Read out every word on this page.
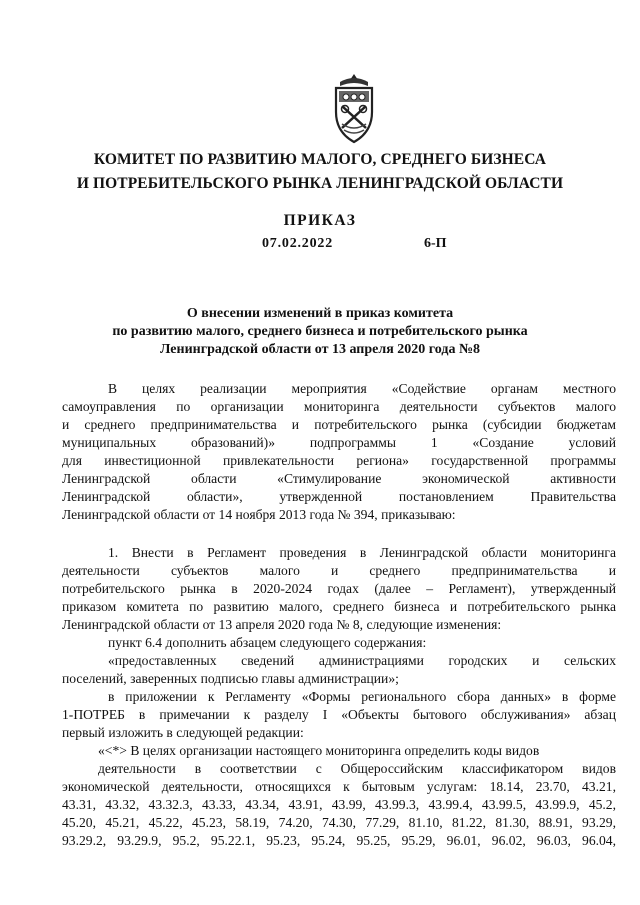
КОМИТЕТ ПО РАЗВИТИЮ МАЛОГО, СРЕДНЕГО БИЗНЕСА
И ПОТРЕБИТЕЛЬСКОГО РЫНКА ЛЕНИНГРАДСКОЙ ОБЛАСТИ
ПРИКАЗ
07.02.2022	6-П
О внесении изменений в приказ комитета
по развитию малого, среднего бизнеса и потребительского рынка
Ленинградской области от 13 апреля 2020 года №8
В целях реализации мероприятия «Содействие органам местного
самоуправления по организации мониторинга деятельности субъектов малого
и среднего предпринимательства и потребительского рынка (субсидии бюджетам
муниципальных образований)» подпрограммы 1 «Создание условий
для инвестиционной привлекательности региона» государственной программы
Ленинградской области «Стимулирование экономической активности
Ленинградской области», утвержденной постановлением Правительства
Ленинградской области от 14 ноября 2013 года № 394, приказываю:
1. Внести в Регламент проведения в Ленинградской области мониторинга
деятельности субъектов малого и среднего предпринимательства и
потребительского рынка в 2020-2024 годах (далее – Регламент), утвержденный
приказом комитета по развитию малого, среднего бизнеса и потребительского рынка
Ленинградской области от 13 апреля 2020 года № 8, следующие изменения:
пункт 6.4 дополнить абзацем следующего содержания:
«предоставленных сведений администрациями городских и сельских
поселений, заверенных подписью главы администрации»;
в приложении к Регламенту «Формы регионального сбора данных» в форме
1-ПОТРЕБ в примечании к разделу I «Объекты бытового обслуживания» абзац
первый изложить в следующей редакции:
«<*> В целях организации настоящего мониторинга определить коды видов
деятельности в соответствии с Общероссийским классификатором видов
экономической деятельности, относящихся к бытовым услугам: 18.14, 23.70, 43.21,
43.31, 43.32, 43.32.3, 43.33, 43.34, 43.91, 43.99, 43.99.3, 43.99.4, 43.99.5, 43.99.9, 45.2,
45.20, 45.21, 45.22, 45.23, 58.19, 74.20, 74.30, 77.29, 81.10, 81.22, 81.30, 88.91, 93.29,
93.29.2, 93.29.9, 95.2, 95.22.1, 95.23, 95.24, 95.25, 95.29, 96.01, 96.02, 96.03, 96.04,
